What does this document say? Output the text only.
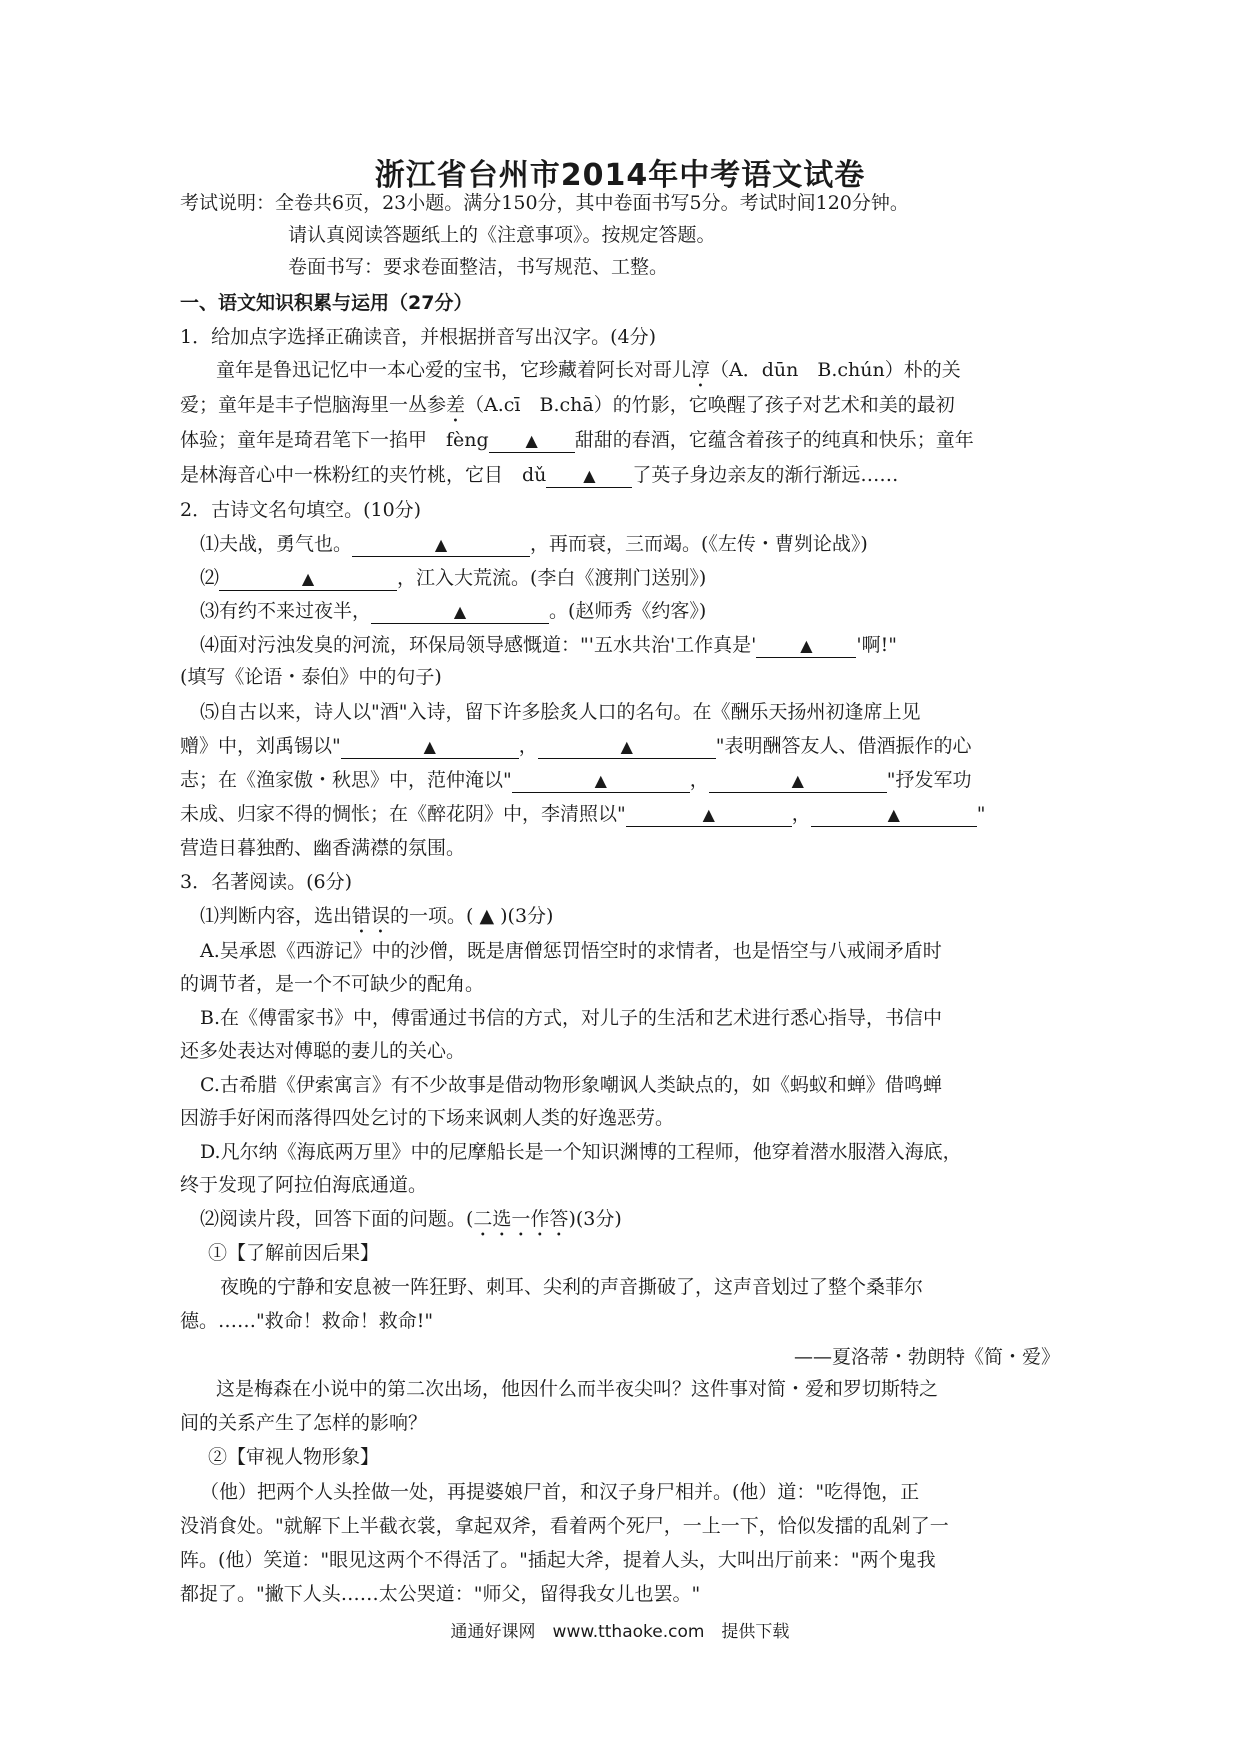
浙江省台州市2014年中考语文试卷
考试说明：全卷共6页，23小题。满分150分，其中卷面书写5分。考试时间120分钟。
请认真阅读答题纸上的《注意事项》。按规定答题。
卷面书写：要求卷面整洁，书写规范、工整。
一、语文知识积累与运用（27分）
1．给加点字选择正确读音，并根据拼音写出汉字。(4分)
童年是鲁迅记忆中一本心爱的宝书，它珍藏着阿长对哥儿淳（A．dūn　B.chún）朴的关
爱；童年是丰子恺脑海里一丛参差（A.cī　B.chā）的竹影，它唤醒了孩子对艺术和美的最初
体验；童年是琦君笔下一掐甲　fèng ▲ 甜甜的春酒，它蕴含着孩子的纯真和快乐；童年
是林海音心中一株粉红的夹竹桃，它目　dǔ ▲ 了英子身边亲友的渐行渐远……
2．古诗文名句填空。(10分)
⑴夫战，勇气也。	▲	，再而衰，三而竭。(《左传・曹刿论战》)
⑵	▲	，江入大荒流。(李白《渡荆门送别》)
⑶有约不来过夜半，	▲	。(赵师秀《约客》)
⑷面对污浊发臭的河流，环保局领导感慨道："'五水共治'工作真是'	▲ '啊!"
(填写《论语・泰伯》中的句子)
⑸自古以来，诗人以"酒"入诗，留下许多脍炙人口的名句。在《酬乐天扬州初逢席上见
赠》中，刘禹锡以"	▲	，	▲	"表明酬答友人、借酒振作的心
志；在《渔家傲・秋思》中，范仲淹以"	▲	，	▲	"抒发军功
未成、归家不得的惆怅；在《醉花阴》中，李清照以"	▲	，	▲	"
营造日暮独酌、幽香满襟的氛围。
3．名著阅读。(6分)
⑴判断内容，选出错误的一项。( ▲ )(3分)
A.吴承恩《西游记》中的沙僧，既是唐僧惩罚悟空时的求情者，也是悟空与八戒闹矛盾时
的调节者，是一个不可缺少的配角。
B.在《傅雷家书》中，傅雷通过书信的方式，对儿子的生活和艺术进行悉心指导，书信中
还多处表达对傅聪的妻儿的关心。
C.古希腊《伊索寓言》有不少故事是借动物形象嘲讽人类缺点的，如《蚂蚁和蝉》借鸣蝉
因游手好闲而落得四处乞讨的下场来讽刺人类的好逸恶劳。
D.凡尔纳《海底两万里》中的尼摩船长是一个知识渊博的工程师，他穿着潜水服潜入海底，
终于发现了阿拉伯海底通道。
⑵阅读片段，回答下面的问题。(二选一作答)(3分)
①【了解前因后果】
夜晚的宁静和安息被一阵狂野、刺耳、尖利的声音撕破了，这声音划过了整个桑菲尔
德。……"救命！救命！救命!"
——夏洛蒂・勃朗特《简・爱》
这是梅森在小说中的第二次出场，他因什么而半夜尖叫？这件事对简・爱和罗切斯特之
间的关系产生了怎样的影响？
②【审视人物形象】
（他）把两个人头拴做一处，再提婆娘尸首，和汉子身尸相并。(他）道："吃得饱，正
没消食处。"就解下上半截衣裳，拿起双斧，看着两个死尸，一上一下，恰似发擂的乱剁了一
阵。(他）笑道："眼见这两个不得活了。"插起大斧，提着人头，大叫出厅前来："两个鬼我
都捉了。"撇下人头……太公哭道："师父，留得我女儿也罢。"
通通好课网　www.tthaoke.com　提供下载
